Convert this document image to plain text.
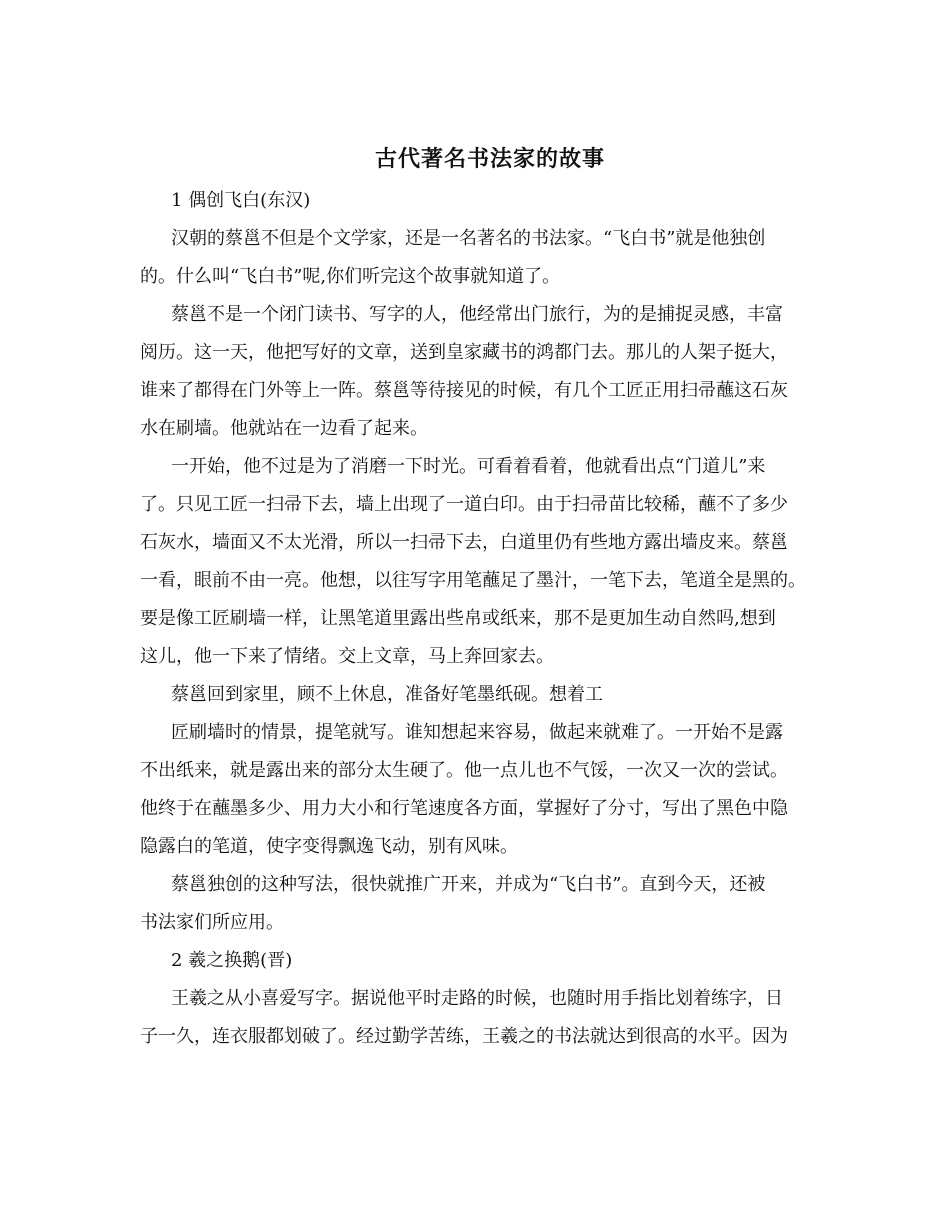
古代著名书法家的故事
1 偶创飞白(东汉)
汉朝的蔡邕不但是个文学家，还是一名著名的书法家。“飞白书”就是他独创
的。什么叫“飞白书”呢,你们听完这个故事就知道了。
蔡邕不是一个闭门读书、写字的人，他经常出门旅行，为的是捕捉灵感，丰富
阅历。这一天，他把写好的文章，送到皇家藏书的鸿都门去。那儿的人架子挺大，
谁来了都得在门外等上一阵。蔡邕等待接见的时候，有几个工匠正用扫帚蘸这石灰
水在刷墙。他就站在一边看了起来。
一开始，他不过是为了消磨一下时光。可看着看着，他就看出点“门道儿”来
了。只见工匠一扫帚下去，墙上出现了一道白印。由于扫帚苗比较稀，蘸不了多少
石灰水，墙面又不太光滑，所以一扫帚下去，白道里仍有些地方露出墙皮来。蔡邕
一看，眼前不由一亮。他想，以往写字用笔蘸足了墨汁，一笔下去，笔道全是黑的。
要是像工匠刷墙一样，让黑笔道里露出些帛或纸来，那不是更加生动自然吗,想到
这儿，他一下来了情绪。交上文章，马上奔回家去。
蔡邕回到家里，顾不上休息，准备好笔墨纸砚。想着工
匠刷墙时的情景，提笔就写。谁知想起来容易，做起来就难了。一开始不是露
不出纸来，就是露出来的部分太生硬了。他一点儿也不气馁，一次又一次的尝试。
他终于在蘸墨多少、用力大小和行笔速度各方面，掌握好了分寸，写出了黑色中隐
隐露白的笔道，使字变得飘逸飞动，别有风味。
蔡邕独创的这种写法，很快就推广开来，并成为“飞白书”。直到今天，还被
书法家们所应用。
2 羲之换鹅(晋)
王羲之从小喜爱写字。据说他平时走路的时候，也随时用手指比划着练字，日
子一久，连衣服都划破了。经过勤学苦练，王羲之的书法就达到很高的水平。因为
